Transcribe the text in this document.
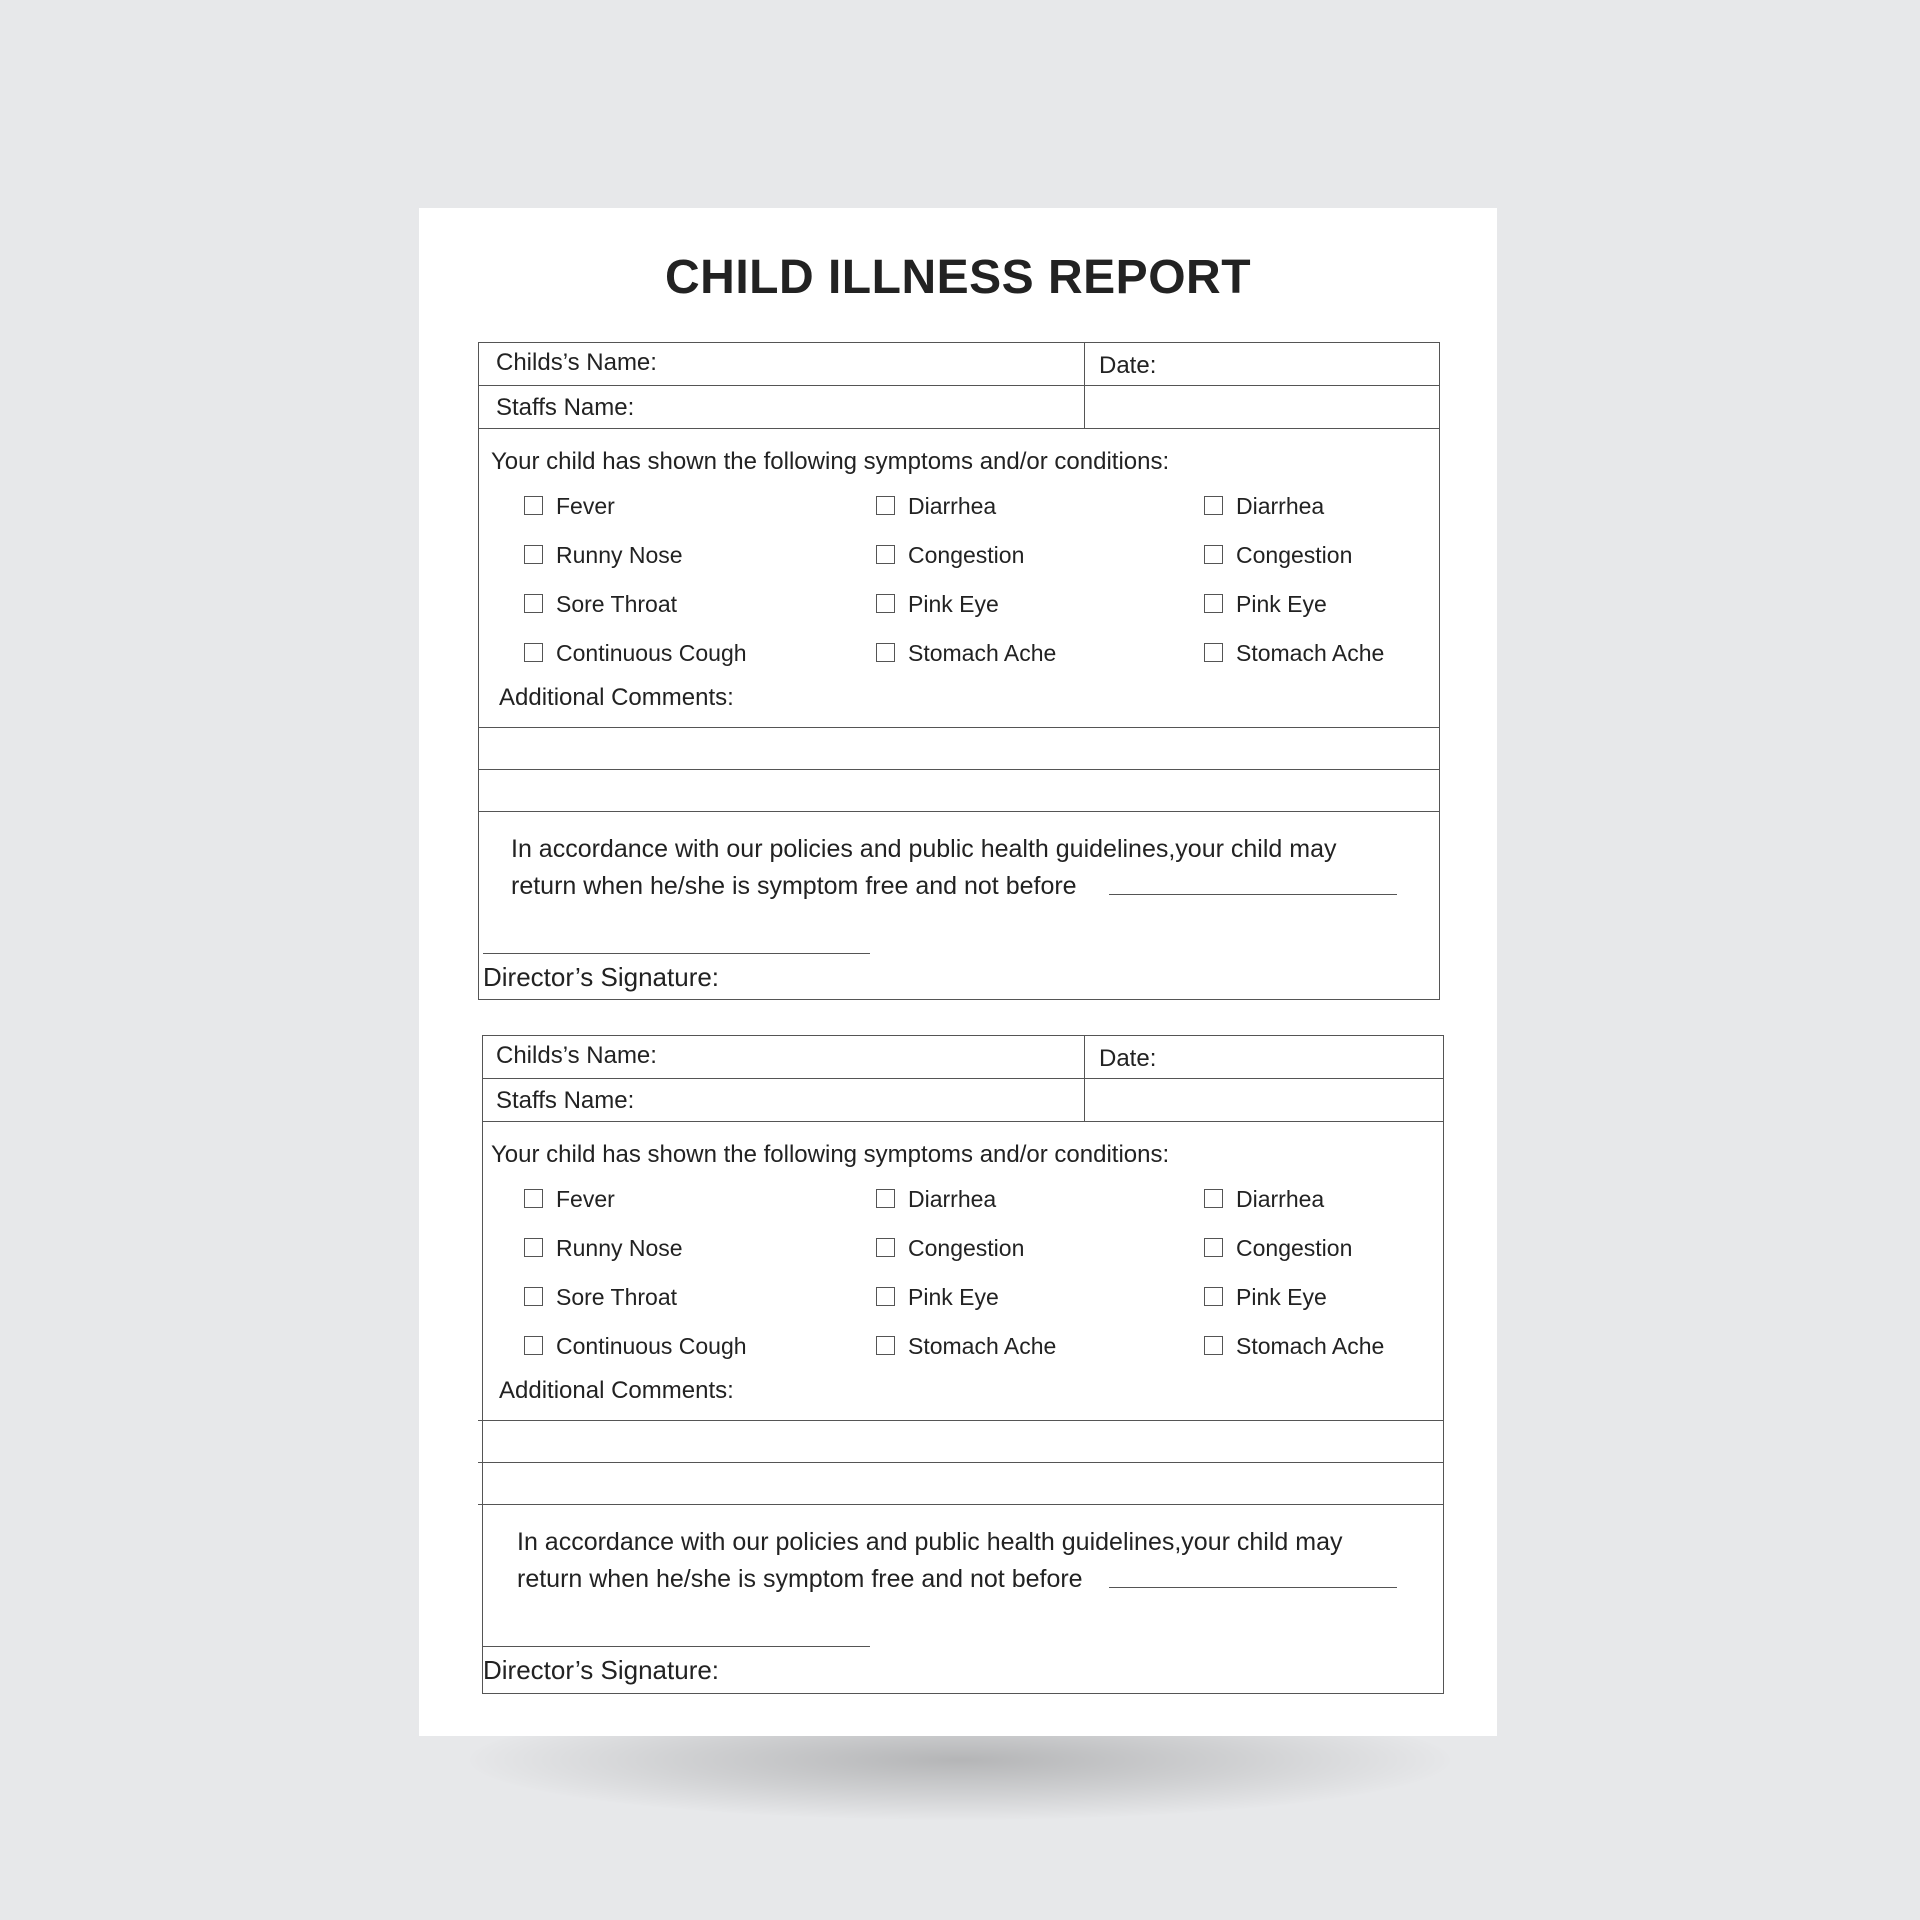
CHILD ILLNESS REPORT
Childs’s Name:	Date:
Staffs Name:
Your child has shown the following symptoms and/or conditions:
Fever	Diarrhea	Diarrhea
Runny Nose	Congestion	Congestion
Sore Throat	Pink Eye	Pink Eye
Continuous Cough	Stomach Ache	Stomach Ache
Additional Comments:
In accordance with our policies and public health guidelines,your child may
return when he/she is symptom free and not before
Director’s Signature:
Childs’s Name:	Date:
Staffs Name:
Your child has shown the following symptoms and/or conditions:
Fever	Diarrhea	Diarrhea
Runny Nose	Congestion	Congestion
Sore Throat	Pink Eye	Pink Eye
Continuous Cough	Stomach Ache	Stomach Ache
Additional Comments:
In accordance with our policies and public health guidelines,your child may
return when he/she is symptom free and not before
Director’s Signature:
